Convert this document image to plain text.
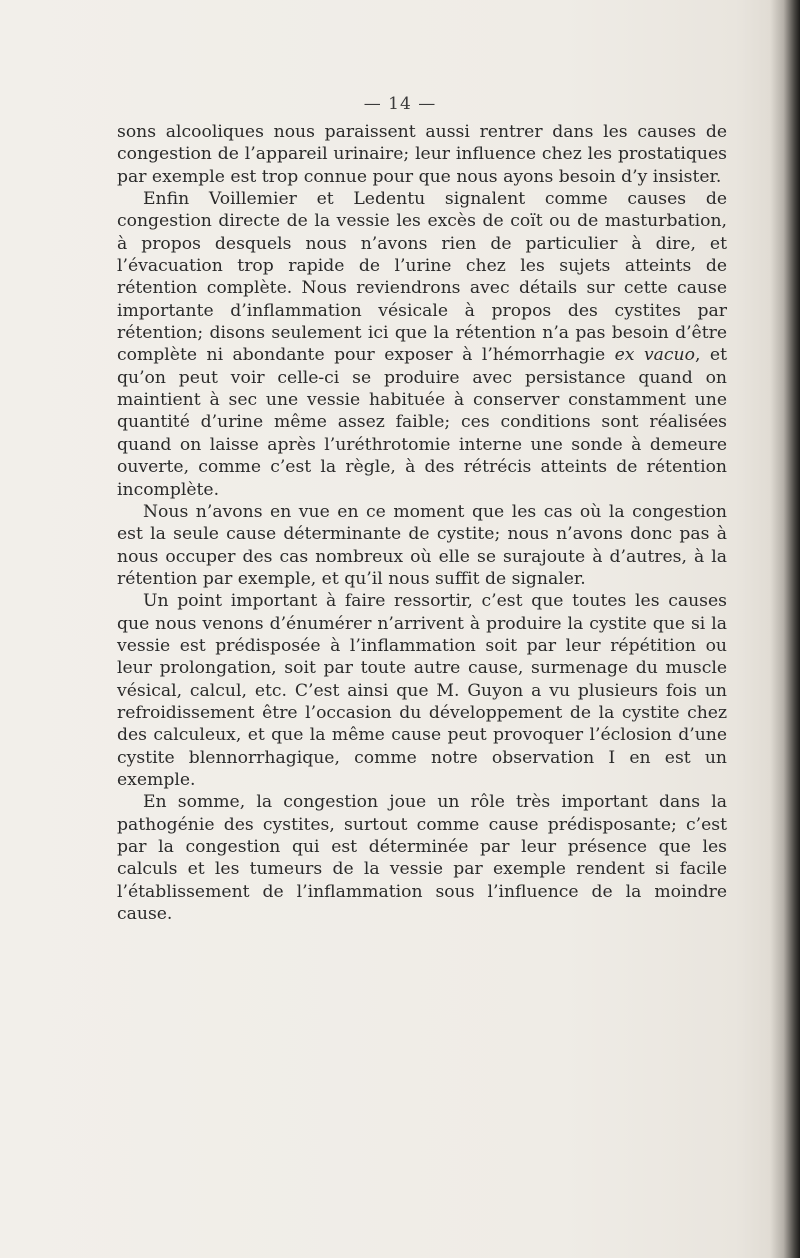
— 14 —

sons alcooliques nous paraissent aussi rentrer dans les causes de congestion de l’appareil urinaire; leur influence chez les prostatiques par exemple est trop connue pour que nous ayons besoin d’y insister.

Enfin Voillemier et Ledentu signalent comme causes de congestion directe de la vessie les excès de coït ou de masturbation, à propos desquels nous n’avons rien de particulier à dire, et l’évacuation trop rapide de l’urine chez les sujets atteints de rétention complète. Nous reviendrons avec détails sur cette cause importante d’inflammation vésicale à propos des cystites par rétention; disons seulement ici que la rétention n’a pas besoin d’être complète ni abondante pour exposer à l’hémorrhagie ex vacuo, et qu’on peut voir celle-ci se produire avec persistance quand on maintient à sec une vessie habituée à conserver constamment une quantité d’urine même assez faible; ces conditions sont réalisées quand on laisse après l’uréthrotomie interne une sonde à demeure ouverte, comme c’est la règle, à des rétrécis atteints de rétention incomplète.

Nous n’avons en vue en ce moment que les cas où la congestion est la seule cause déterminante de cystite; nous n’avons donc pas à nous occuper des cas nombreux où elle se surajoute à d’autres, à la rétention par exemple, et qu’il nous suffit de signaler.

Un point important à faire ressortir, c’est que toutes les causes que nous venons d’énumérer n’arrivent à produire la cystite que si la vessie est prédisposée à l’inflammation soit par leur répétition ou leur prolongation, soit par toute autre cause, surmenage du muscle vésical, calcul, etc. C’est ainsi que M. Guyon a vu plusieurs fois un refroidissement être l’occasion du développement de la cystite chez des calculeux, et que la même cause peut provoquer l’éclosion d’une cystite blennorrhagique, comme notre observation I en est un exemple.

En somme, la congestion joue un rôle très important dans la pathogénie des cystites, surtout comme cause prédisposante; c’est par la congestion qui est déterminée par leur présence que les calculs et les tumeurs de la vessie par exemple rendent si facile l’établissement de l’inflammation sous l’influence de la moindre cause.
